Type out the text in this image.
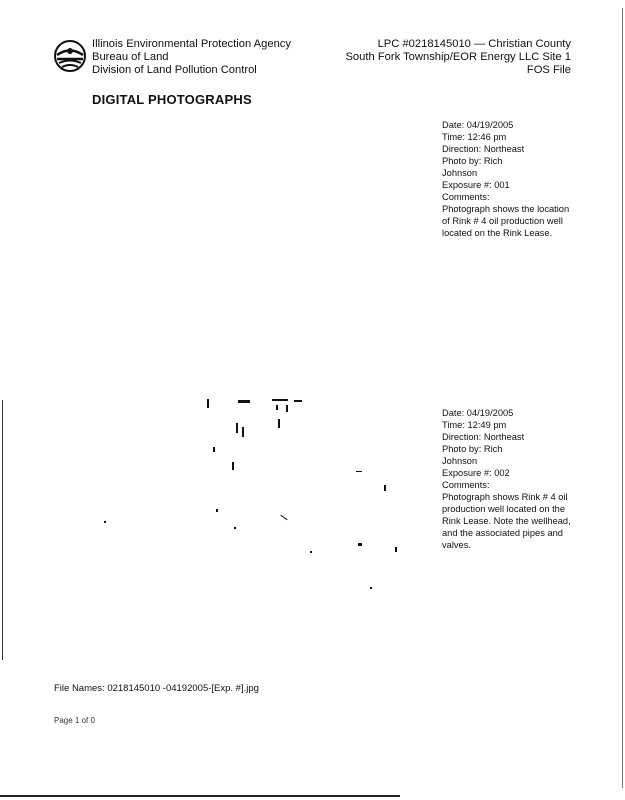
Illinois Environmental Protection Agency
Bureau of Land
Division of Land Pollution Control
LPC #0218145010 — Christian County
South Fork Township/EOR Energy LLC Site 1
FOS File
DIGITAL PHOTOGRAPHS
Date: 04/19/2005
Time: 12:46 pm
Direction: Northeast
Photo by: Rich
Johnson
Exposure #: 001
Comments:
Photograph shows the location of Rink # 4 oil production well located on the Rink Lease.
Date: 04/19/2005
Time: 12:49 pm
Direction: Northeast
Photo by: Rich
Johnson
Exposure #: 002
Comments:
Photograph shows Rink # 4 oil production well located on the Rink Lease. Note the wellhead, and the associated pipes and valves.
File Names: 0218145010 -04192005-[Exp. #].jpg
Page 1 of 0
